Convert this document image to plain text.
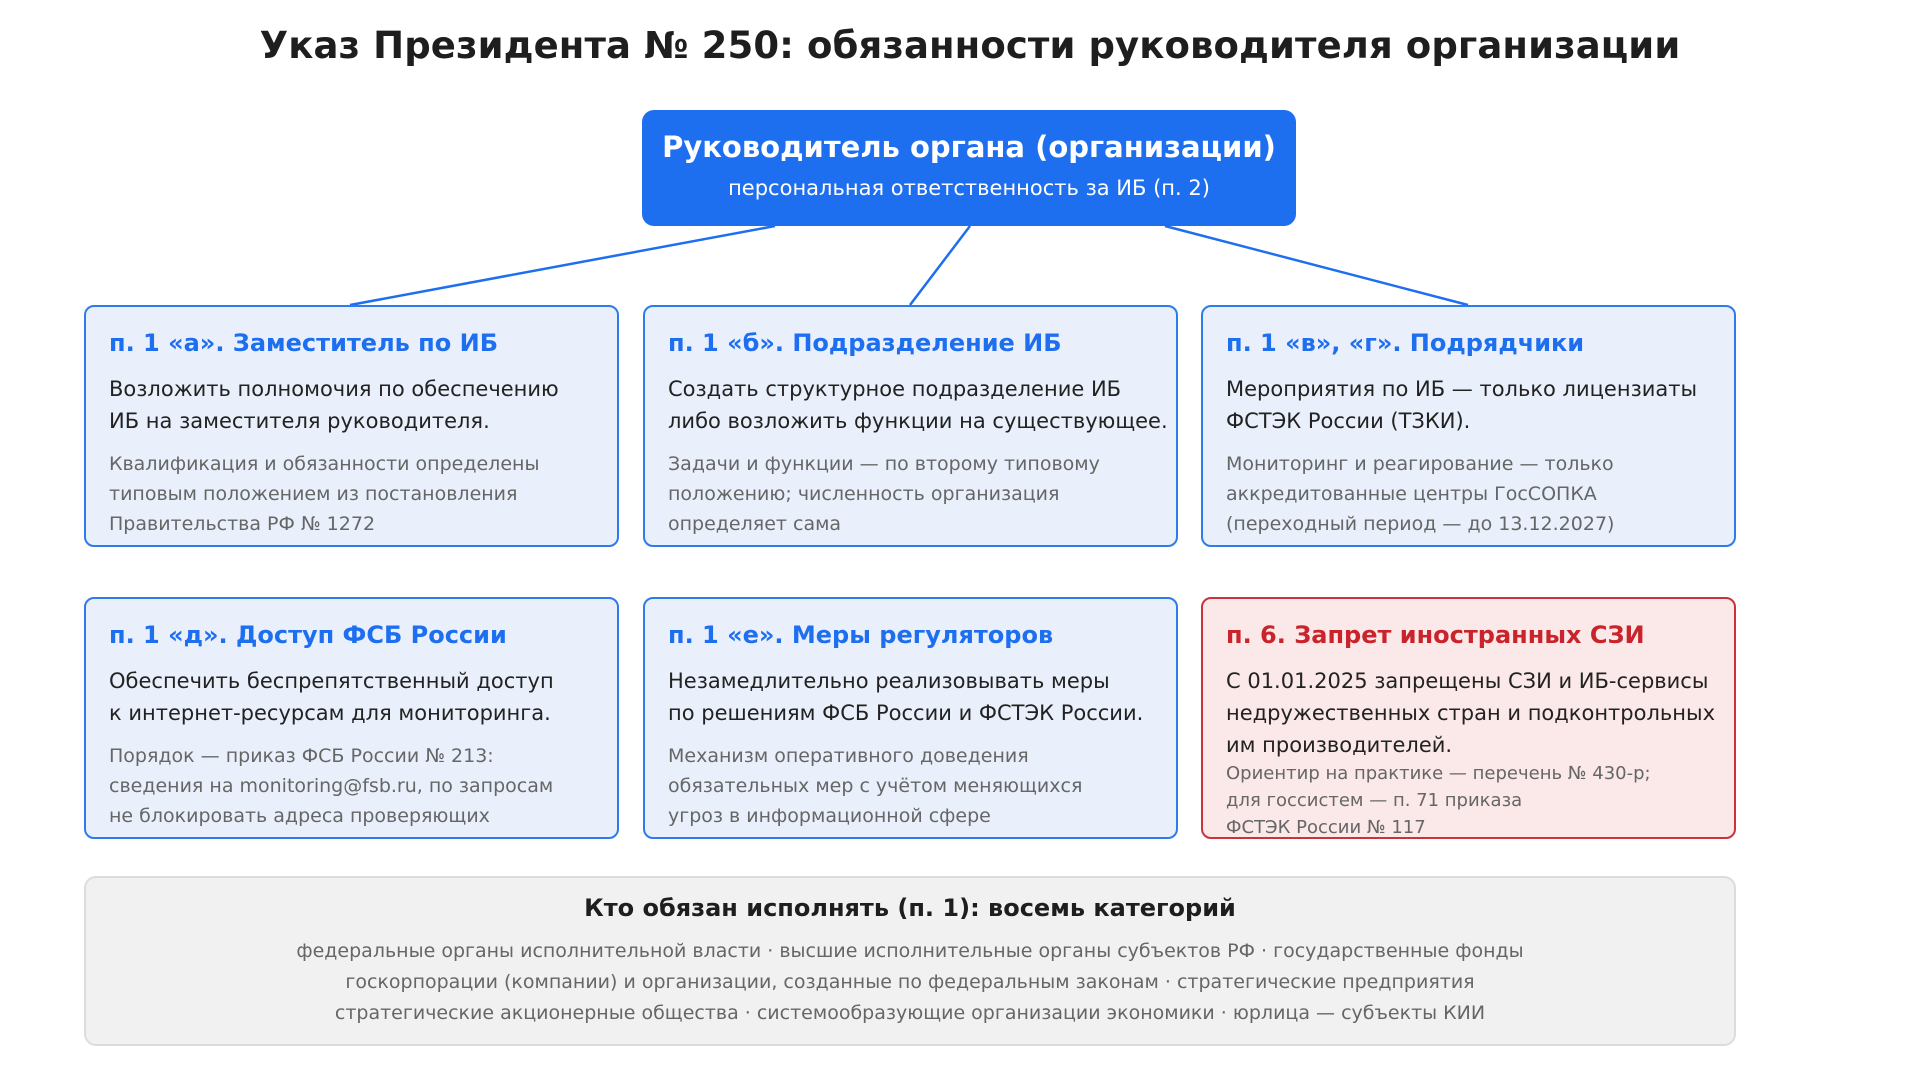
Указ Президента № 250: обязанности руководителя организации
Руководитель органа (организации)
персональная ответственность за ИБ (п. 2)
п. 1 «а». Заместитель по ИБ
Возложить полномочия по обеспечению
ИБ на заместителя руководителя.
Квалификация и обязанности определены
типовым положением из постановления
Правительства РФ № 1272
п. 1 «б». Подразделение ИБ
Создать структурное подразделение ИБ
либо возложить функции на существующее.
Задачи и функции — по второму типовому
положению; численность организация
определяет сама
п. 1 «в», «г». Подрядчики
Мероприятия по ИБ — только лицензиаты
ФСТЭК России (ТЗКИ).
Мониторинг и реагирование — только
аккредитованные центры ГосСОПКА
(переходный период — до 13.12.2027)
п. 1 «д». Доступ ФСБ России
Обеспечить беспрепятственный доступ
к интернет-ресурсам для мониторинга.
Порядок — приказ ФСБ России № 213:
сведения на monitoring@fsb.ru, по запросам
не блокировать адреса проверяющих
п. 1 «е». Меры регуляторов
Незамедлительно реализовывать меры
по решениям ФСБ России и ФСТЭК России.
Механизм оперативного доведения
обязательных мер с учётом меняющихся
угроз в информационной сфере
п. 6. Запрет иностранных СЗИ
С 01.01.2025 запрещены СЗИ и ИБ-сервисы
недружественных стран и подконтрольных
им производителей.
Ориентир на практике — перечень № 430-р;
для госсистем — п. 71 приказа
ФСТЭК России № 117
Кто обязан исполнять (п. 1): восемь категорий
федеральные органы исполнительной власти · высшие исполнительные органы субъектов РФ · государственные фонды
госкорпорации (компании) и организации, созданные по федеральным законам · стратегические предприятия
стратегические акционерные общества · системообразующие организации экономики · юрлица — субъекты КИИ
